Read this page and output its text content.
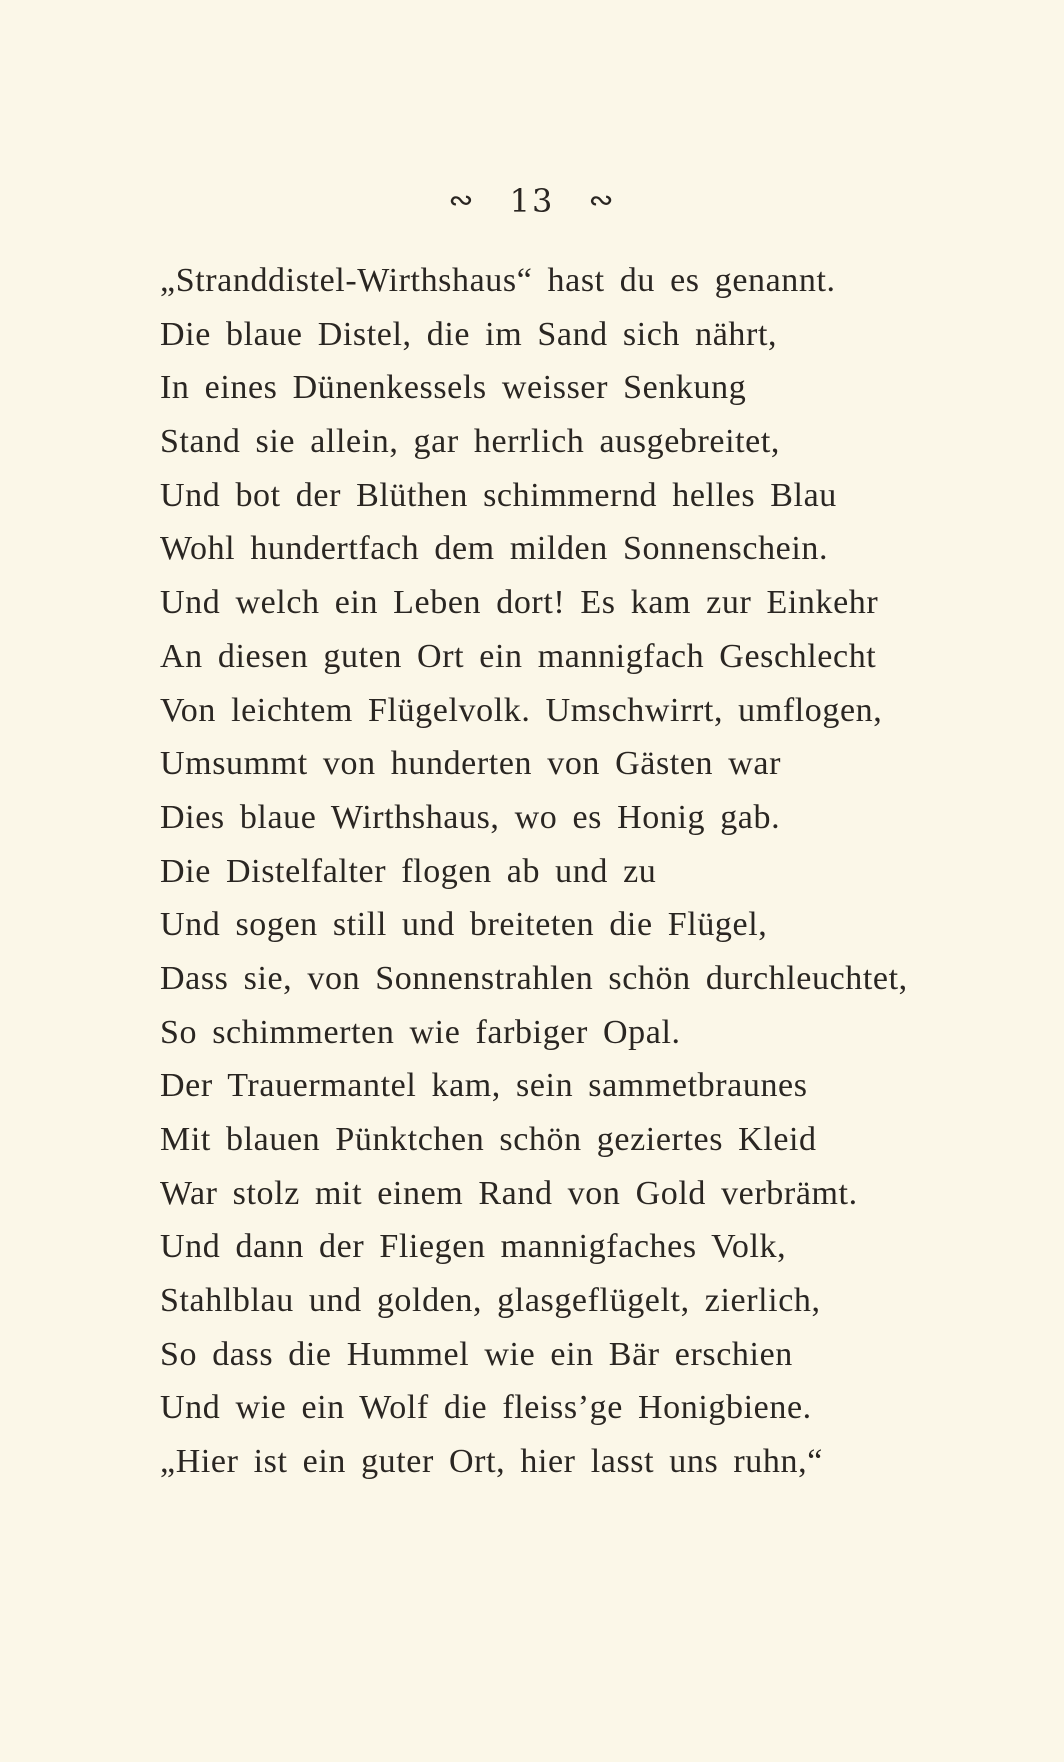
∾ 13 ∾
„Stranddistel-Wirthshaus“ hast du es genannt.
Die blaue Distel, die im Sand sich nährt,
In eines Dünenkessels weisser Senkung
Stand sie allein, gar herrlich ausgebreitet,
Und bot der Blüthen schimmernd helles Blau
Wohl hundertfach dem milden Sonnenschein.
Und welch ein Leben dort! Es kam zur Einkehr
An diesen guten Ort ein mannigfach Geschlecht
Von leichtem Flügelvolk. Umschwirrt, umflogen,
Umsummt von hunderten von Gästen war
Dies blaue Wirthshaus, wo es Honig gab.
Die Distelfalter flogen ab und zu
Und sogen still und breiteten die Flügel,
Dass sie, von Sonnenstrahlen schön durchleuchtet,
So schimmerten wie farbiger Opal.
Der Trauermantel kam, sein sammetbraunes
Mit blauen Pünktchen schön geziertes Kleid
War stolz mit einem Rand von Gold verbrämt.
Und dann der Fliegen mannigfaches Volk,
Stahlblau und golden, glasgeflügelt, zierlich,
So dass die Hummel wie ein Bär erschien
Und wie ein Wolf die fleiss’ge Honigbiene.
„Hier ist ein guter Ort, hier lasst uns ruhn,“
